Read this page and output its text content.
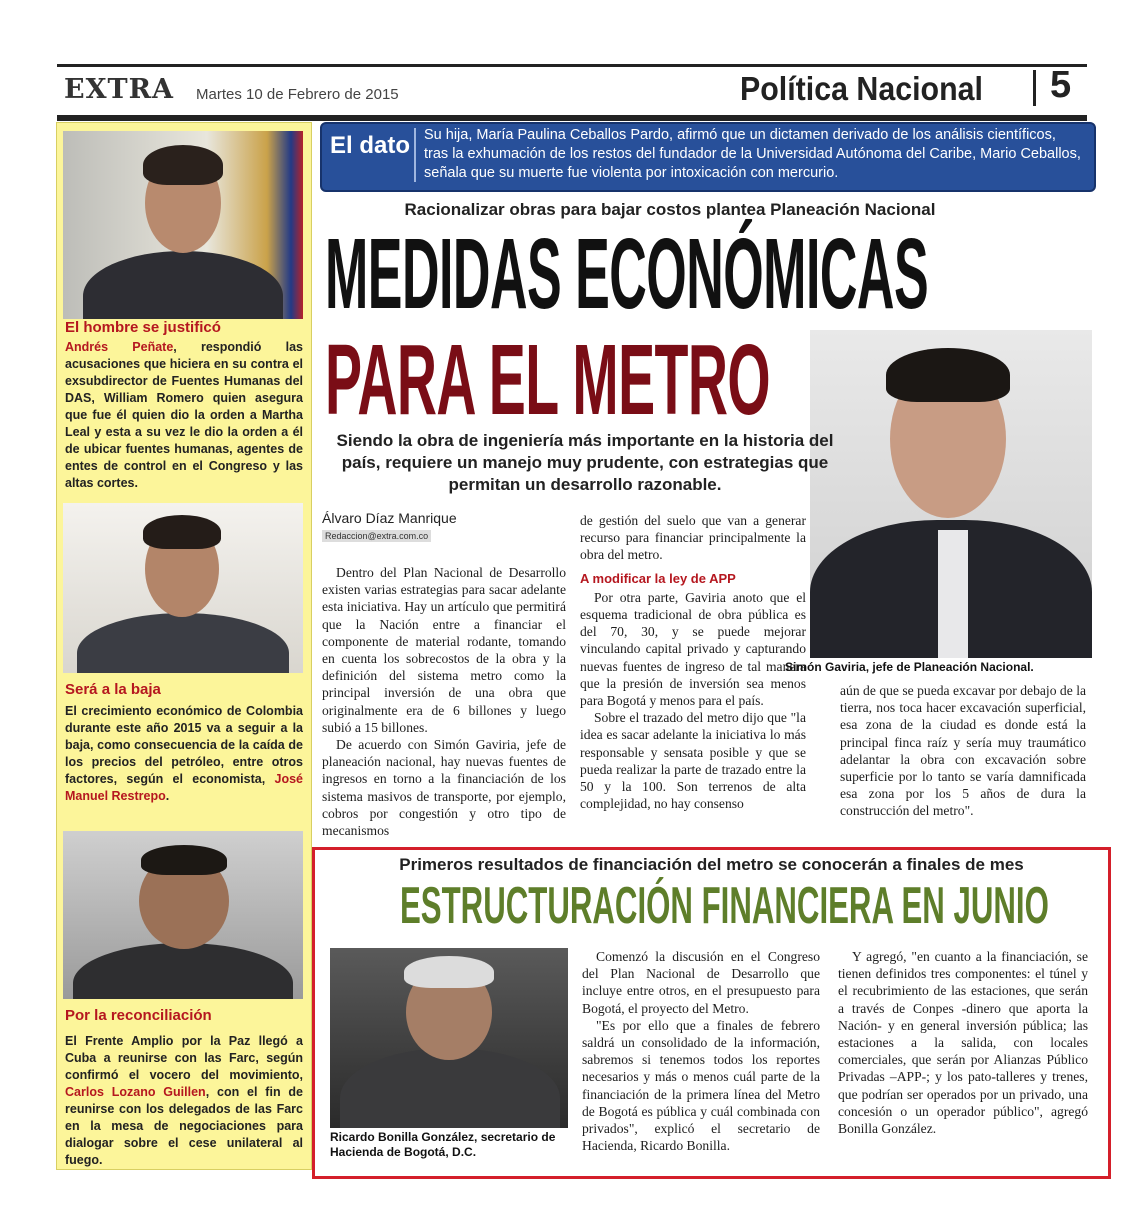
EXTRA Martes 10 de Febrero de 2015	Política Nacional 5
El hombre se justificó
Andrés Peñate, respondió las acusaciones que hiciera en su contra el exsubdirector de Fuentes Humanas del DAS, William Romero quien asegura que fue él quien dio la orden a Martha Leal y esta a su vez le dio la orden a él de ubicar fuentes humanas, agentes de entes de control en el Congreso y las altas cortes.
Será a la baja
El crecimiento económico de Colombia durante este año 2015 va a seguir a la baja, como consecuencia de la caída de los precios del petróleo, entre otros factores, según el economista, José Manuel Restrepo.
Por la reconciliación
El Frente Amplio por la Paz llegó a Cuba a reunirse con las Farc, según confirmó el vocero del movimiento, Carlos Lozano Guillen, con el fin de reunirse con los delegados de las Farc en la mesa de negociaciones para dialogar sobre el cese unilateral al fuego.
El dato Su hija, María Paulina Ceballos Pardo, afirmó que un dictamen derivado de los análisis científicos, tras la exhumación de los restos del fundador de la Universidad Autónoma del Caribe, Mario Ceballos, señala que su muerte fue violenta por intoxicación con mercurio.
Racionalizar obras para bajar costos plantea Planeación Nacional
MEDIDAS ECONÓMICAS
PARA EL METRO
Simón Gaviria, jefe de Planeación Nacional.
Siendo la obra de ingeniería más importante en la historia del país, requiere un manejo muy prudente, con estrategias que permitan un desarrollo razonable.
Álvaro Díaz Manrique
Redaccion@extra.com.co

Dentro del Plan Nacional de Desarrollo existen varias estrategias para sacar adelante esta iniciativa. Hay un artículo que permitirá que la Nación entre a financiar el componente de material rodante, tomando en cuenta los sobrecostos de la obra y la definición del sistema metro como la principal inversión de una obra que originalmente era de 6 billones y luego subió a 15 billones.

De acuerdo con Simón Gaviria, jefe de planeación nacional, hay nuevas fuentes de ingresos en torno a la financiación de los sistema masivos de transporte, por ejemplo, cobros por congestión y otro tipo de mecanismos

de gestión del suelo que van a generar recurso para financiar principalmente la obra del metro.

A modificar la ley de APP

Por otra parte, Gaviria anoto que el esquema tradicional de obra pública es del 70, 30, y se puede mejorar vinculando capital privado y capturando nuevas fuentes de ingreso de tal manera que la presión de inversión sea menos para Bogotá y menos para el país.

Sobre el trazado del metro dijo que "la idea es sacar adelante la iniciativa lo más responsable y sensata posible y que se pueda realizar la parte de trazado entre la 50 y la 100. Son terrenos de alta complejidad, no hay consenso

aún de que se pueda excavar por debajo de la tierra, nos toca hacer excavación superficial, esa zona de la ciudad es donde está la principal finca raíz y sería muy traumático adelantar la obra con excavación sobre superficie por lo tanto se varía damnificada esa zona por los 5 años de dura la construcción del metro".

Primeros resultados de financiación del metro se conocerán a finales de mes
ESTRUCTURACIÓN FINANCIERA EN JUNIO
Ricardo Bonilla González, secretario de Hacienda de Bogotá, D.C.

Comenzó la discusión en el Congreso del Plan Nacional de Desarrollo que incluye entre otros, en el presupuesto para Bogotá, el proyecto del Metro.

"Es por ello que a finales de febrero saldrá un consolidado de la información, sabremos si tenemos todos los reportes necesarios y más o menos cuál parte de la financiación de la primera línea del Metro de Bogotá es pública y cuál combinada con privados", explicó el secretario de Hacienda, Ricardo Bonilla.

Y agregó, "en cuanto a la financiación, se tienen definidos tres componentes: el túnel y el recubrimiento de las estaciones, que serán a través de Conpes -dinero que aporta la Nación- y en general inversión pública; las estaciones a la salida, con locales comerciales, que serán por Alianzas Público Privadas –APP-; y los pato-talleres y trenes, que podrían ser operados por un privado, una concesión o un operador público", agregó Bonilla González.
